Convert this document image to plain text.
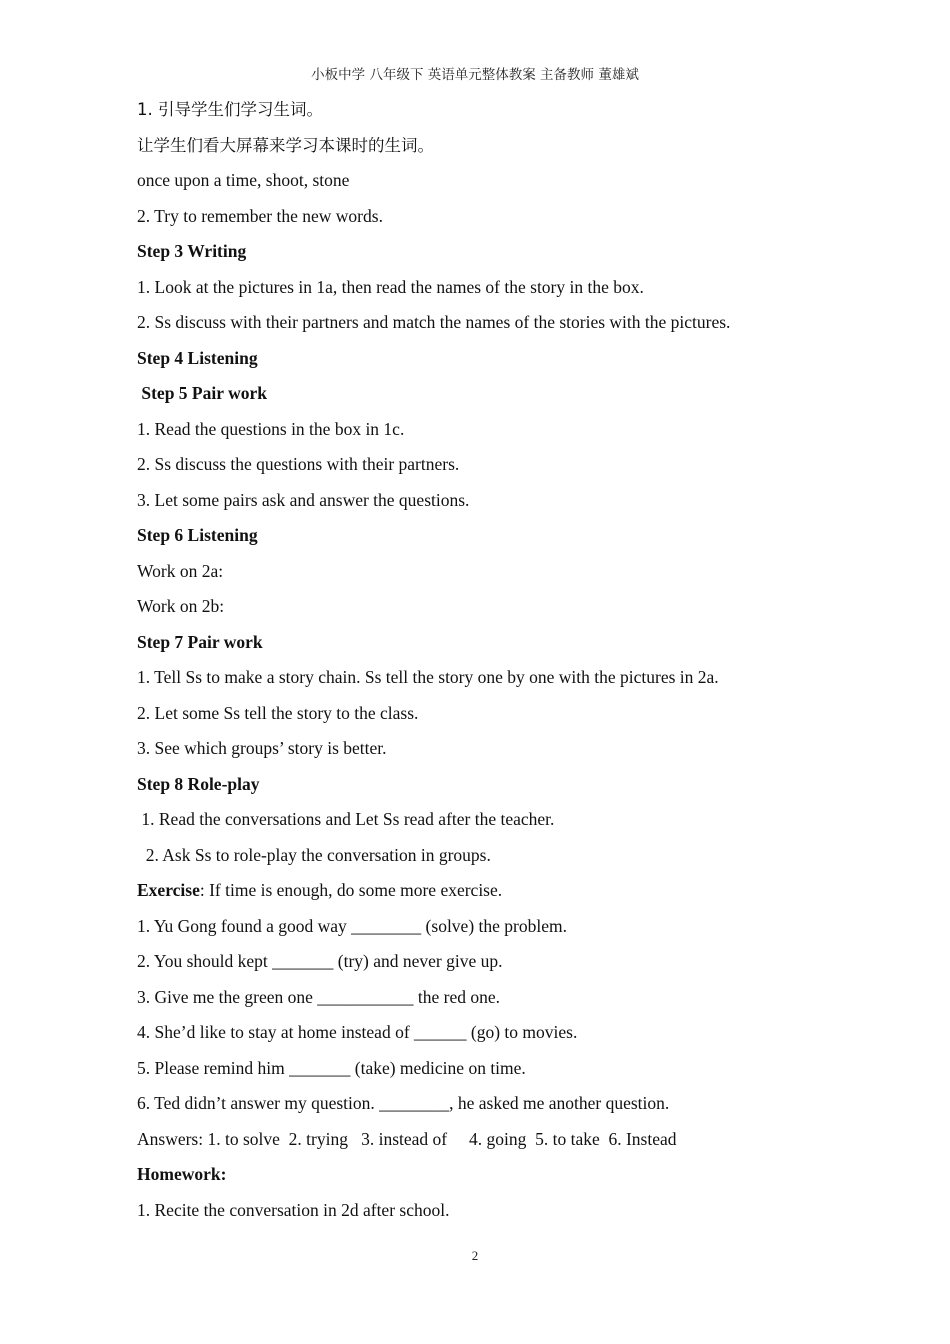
小板中学 八年级下 英语单元整体教案 主备教师 董雄斌
1. 引导学生们学习生词。
让学生们看大屏幕来学习本课时的生词。
once upon a time, shoot, stone
2. Try to remember the new words.
Step 3 Writing
1. Look at the pictures in 1a, then read the names of the story in the box.
2. Ss discuss with their partners and match the names of the stories with the pictures.
Step 4 Listening
Step 5 Pair work
1. Read the questions in the box in 1c.
2. Ss discuss the questions with their partners.
3. Let some pairs ask and answer the questions.
Step 6 Listening
Work on 2a:
Work on 2b:
Step 7 Pair work
1. Tell Ss to make a story chain. Ss tell the story one by one with the pictures in 2a.
2. Let some Ss tell the story to the class.
3. See which groups’ story is better.
Step 8 Role-play
1. Read the conversations and Let Ss read after the teacher.
2. Ask Ss to role-play the conversation in groups.
Exercise: If time is enough, do some more exercise.
1. Yu Gong found a good way ________ (solve) the problem.
2. You should kept _______ (try) and never give up.
3. Give me the green one ___________ the red one.
4. She’d like to stay at home instead of ______ (go) to movies.
5. Please remind him _______ (take) medicine on time.
6. Ted didn’t answer my question. ________, he asked me another question.
Answers: 1. to solve  2. trying   3. instead of     4. going  5. to take  6. Instead
Homework:
1. Recite the conversation in 2d after school.
2
